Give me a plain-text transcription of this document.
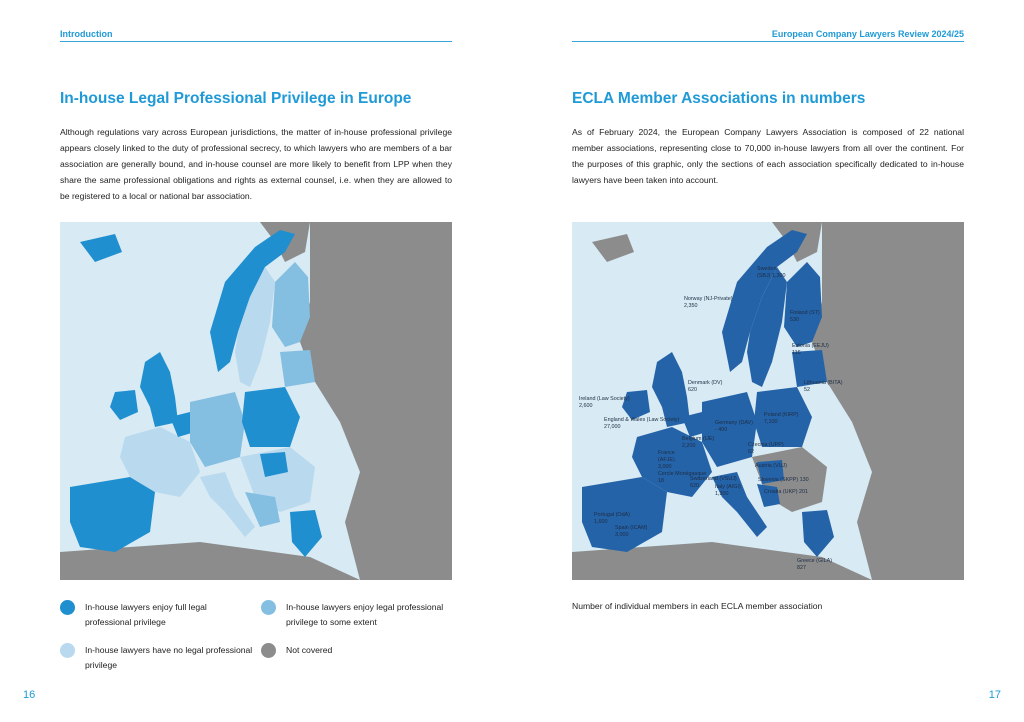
Introduction
In-house Legal Professional Privilege in Europe

Although regulations vary across European jurisdictions, the matter of in-house professional privilege appears closely linked to the duty of professional secrecy, to which lawyers who are members of a bar association are generally bound, and in-house counsel are more likely to benefit from LPP when they share the same professional obligations and rights as external counsel, i.e. when they are allowed to be registered to a local or national bar association.

In-house lawyers enjoy full legal professional privilege
In-house lawyers enjoy legal professional privilege to some extent
In-house lawyers have no legal professional privilege
Not covered
16
European Company Lawyers Review 2024/25
ECLA Member Associations in numbers

As of February 2024, the European Company Lawyers Association is composed of 22 national member associations, representing close to 70,000 in-house lawyers from all over the continent. For the purposes of this graphic, only the sections of each association specifically dedicated to in-house lawyers have been taken into account.

Sweden
(SBJ) 1,300
Norway (NJ-Private)
2,350
Finland (ST)
530
Estonia (EEJU)
116
Denmark (DV)
620
Lithuania (BITA)
52
Ireland (Law Society)
2,600
England & Wales (Law Society)
27,000
Poland (KIRP)
7,100
Germany (DAV)
- 400
Belgium (IJE)
2,200	Czechia (UPP)
62
France
(AFJE)
3,000
Cercle Monégasque
18
Austria (VUJ)
Switzerland (VSUJ)
620
Slovenia (SKPP) 130
Italy (AIGI)
1,300	Croatia (UKP) 201
Portugal (OdA)
1,600
Spain (ICAM)
3,000
Greece (GILA)
827
Number of individual members in each ECLA member association
17
